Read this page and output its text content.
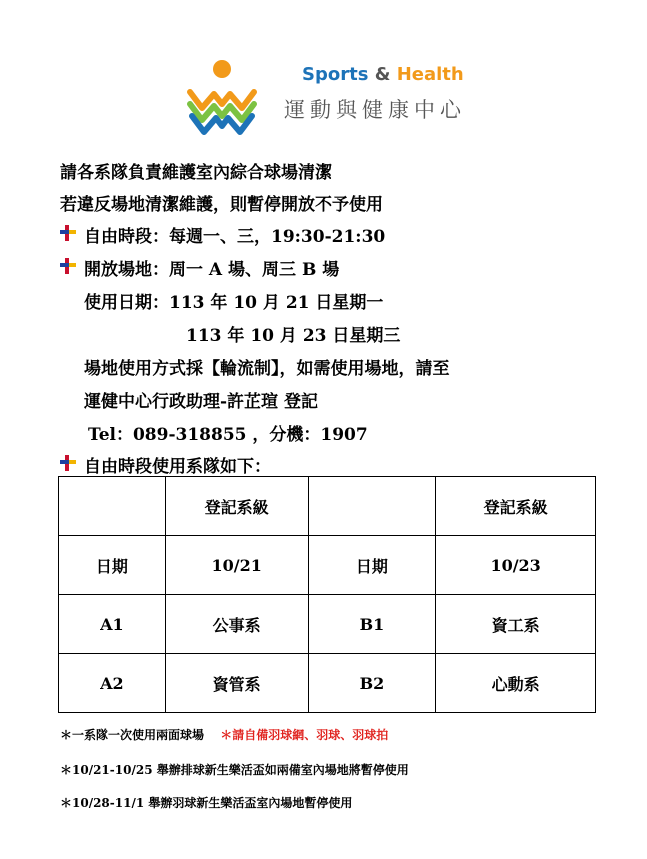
Sports & Health
運動與健康中心
請各系隊負責維護室內綜合球場清潔
若違反場地清潔維護，則暫停開放不予使用
自由時段：每週一、三，19:30-21:30
開放場地：周一 A 場、周三 B 場
使用日期：113 年 10 月 21 日星期一
113 年 10 月 23 日星期三
場地使用方式採【輪流制】，如需使用場地，請至
運健中心行政助理-許芷瑄 登記
Tel：089-318855 ，分機：1907
自由時段使用系隊如下：
	登記系級		登記系級
日期	10/21	日期	10/23
A1	公事系	B1	資工系
A2	資管系	B2	心動系
＊一系隊一次使用兩面球場 ＊請自備羽球網、羽球、羽球拍
＊10/21-10/25 舉辦排球新生樂活盃如兩備室內場地將暫停使用
＊10/28-11/1 舉辦羽球新生樂活盃室內場地暫停使用
